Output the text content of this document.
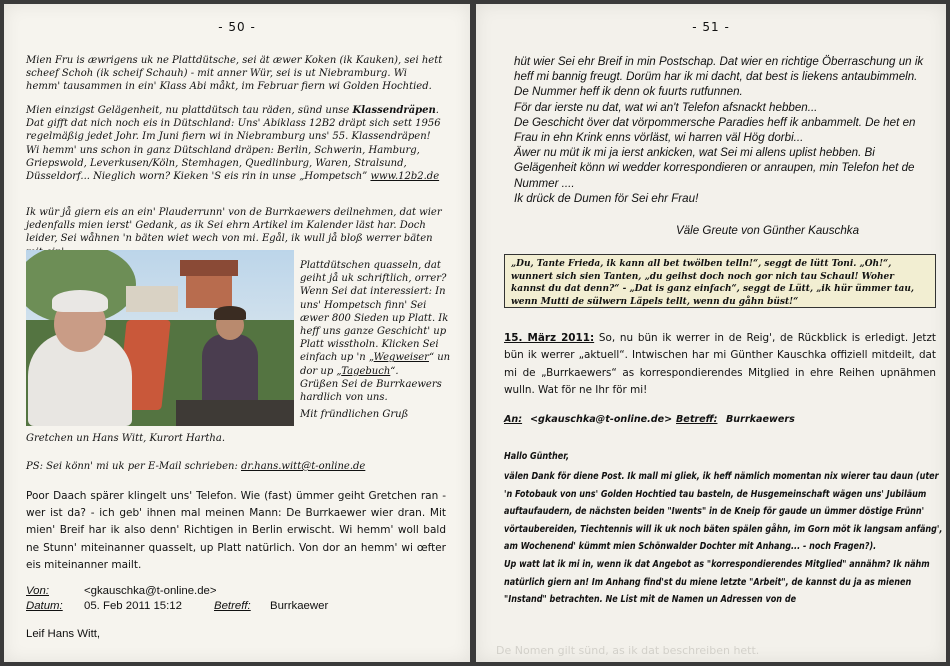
- 50 -
Mien Fru is æwrigens uk ne Plattdütsche, sei ät æwer Koken (ik Kauken), sei hett scheef Schoh (ik scheif Schauh) - mit anner Wür, sei is ut Niebramburg. Wi hemm' tausammen in ein' Klass Abi måkt, im Februar fiern wi Golden Hochtied.
Mien einzigst Gelägenheit, nu plattdütsch tau räden, sünd unse Klassendräpen. Dat gifft dat nich noch eis in Dütschland: Uns' Abiklass 12B2 dräpt sich sett 1956 regelmäßig jedet Johr. Im Juni fiern wi in Niebramburg uns' 55. Klassendräpen! Wi hemm' uns schon in ganz Dütschland dräpen: Berlin, Schwerin, Hamburg, Griepswold, Leverkusen/Köln, Stemhagen, Quedlinburg, Waren, Stralsund, Düsseldorf... Nieglich worn? Kieken 'S eis rin in unse „Hompetsch” www.12b2.de
Ik wür jå giern eis an ein' Plauderrunn' von de Burrkaewers deilnehmen, dat wier jedenfalls mien ierst' Gedank, as ik Sei ehrn Artikel im Kalender läst har. Doch leider, Sei wåhnen 'n bäten wiet wech von mi. Egål, ik wull jå bloß werrer bäten
Plattdütschen quasseln, dat geiht jå uk schriftlich, orrer? Wenn Sei dat interessiert: In uns' Hompetsch finn' Sei æwer 800 Sieden up Platt. Ik heff uns ganze Geschicht' up Platt wisstholn. Klicken Sei einfach up 'n „Wegweiser“ un dor up „Tagebuch“.
Grüßen Sei de Burrkaewers hardlich von uns.
Mit fründlichen Gruß
Gretchen un Hans Witt, Kurort Hartha.
PS: Sei könn' mi uk per E-Mail schrieben: dr.hans.witt@t-online.de
Poor Daach spärer klingelt uns' Telefon. Wie (fast) ümmer geiht Gretchen ran - wer ist da? - ich geb' ihnen mal meinen Mann: De Burrkaewer wier dran. Mit mien' Breif har ik also denn' Richtigen in Berlin erwischt. Wi hemm' woll bald ne Stunn' miteinanner quasselt, up Platt natürlich. Von dor an hemm' wi œfter eis miteinanner mailt.
Von:	<gkauschka@t-online.de>
Datum: 05. Feb 2011 15:12	Betreff: Burrkaewer
Leif Hans Witt,
- 51 -
hüt wier Sei ehr Breif in min Postschap. Dat wier en richtige Öberraschung un ik heff mi bannig freugt. Dorüm har ik mi dacht, dat best is liekens antaubimmeln. De Nummer heff ik denn ok fuurts rutfunnen.
För dar ierste nu dat, wat wi an't Telefon afsnackt hebben...
De Geschicht över dat vörpommersche Paradies heff ik anbammelt. De het en Frau in ehn Krink enns vörläst, wi harren väl Hög dorbi...
Äwer nu müt ik mi ja ierst ankicken, wat Sei mi allens uplist hebben. Bi Gelägenheit könn wi wedder korrespondieren or anraupen, min Telefon het de Nummer ....
Ik drück de Dumen för Sei ehr Frau!
Väle Greute von Günther Kauschka
„Du, Tante Frieda, ik kann all bet twölben telln!“, seggt de lütt Toni. „Oh!“, wunnert sich sien Tanten, „du geihst doch noch gor nich tau Schaul! Woher kannst du dat denn?“ - „Dat is ganz einfach“, seggt de Lütt, „ik hür ümmer tau, wenn Mutti de sülwern Läpels tellt, wenn du gåhn büst!“
15. März 2011: So, nu bün ik werrer in de Reig', de Rückblick is erledigt. Jetzt bün ik werrer „aktuell“. Intwischen har mi Günther Kauschka offiziell mitdeilt, dat mi de „Burrkaewers“ as korrespondierendes Mitglied in ehre Reihen upnähmen wulln. Wat för ne Ihr för mi!
An: <gkauschka@t-online.de> Betreff: Burrkaewers
Hallo Günther,
välen Dank för diene Post. Ik mall mi gliek, ik heff nämlich momentan nix wierer tau daun (uter 'n Fotobauk von uns' Golden Hochtied tau basteln, de Husgemeinschaft wägen uns' Jubiläum auftaufaudern, de nächsten beiden "Iwents" in de Kneip för gaude un ümmer döstige Frünn' vörtaubereiden, Tiechtennis will ik uk noch bäten spälen gåhn, im Gorn möt ik langsam anfäng', am Wochenend' kümmt mien Schönwalder Dochter mit Anhang... - noch Fragen?).
Up watt lat ik mi in, wenn ik dat Angebot as "korrespondierendes Mitglied" annähm? Ik nähm natürlich giern an! Im Anhang find'st du miene letzte "Arbeit", de kannst du ja as mienen "Instand" betrachten. Ne List mit de Namen un Adressen von de
De Nomen gilt sünd, as ik dat beschreiben hett.
